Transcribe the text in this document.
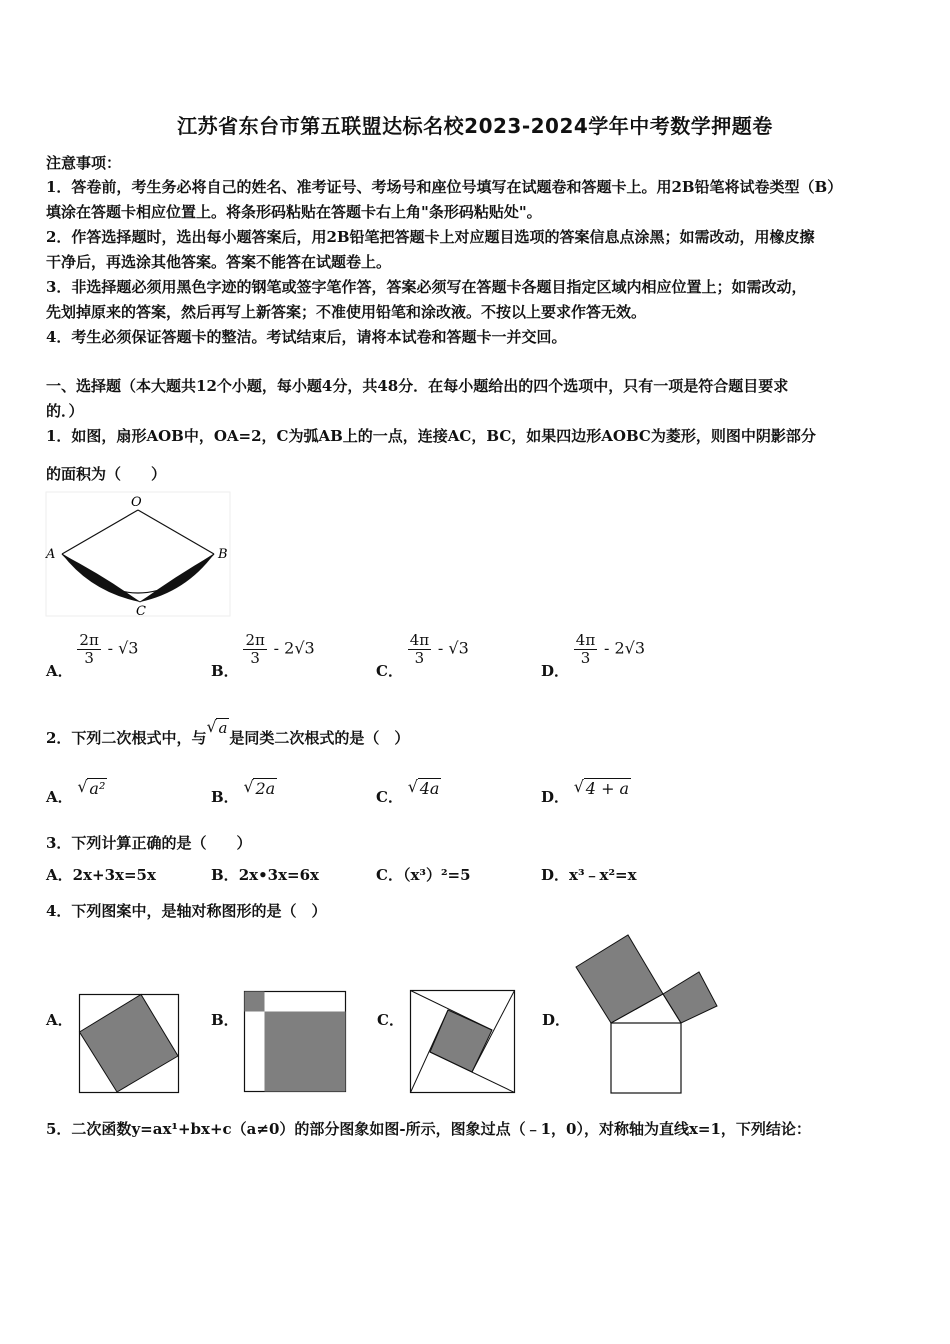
江苏省东台市第五联盟达标名校2023-2024学年中考数学押题卷
注意事项：
1．答卷前，考生务必将自己的姓名、准考证号、考场号和座位号填写在试题卷和答题卡上。用2B铅笔将试卷类型（B）
填涂在答题卡相应位置上。将条形码粘贴在答题卡右上角"条形码粘贴处"。
2．作答选择题时，选出每小题答案后，用2B铅笔把答题卡上对应题目选项的答案信息点涂黑；如需改动，用橡皮擦
干净后，再选涂其他答案。答案不能答在试题卷上。
3．非选择题必须用黑色字迹的钢笔或签字笔作答，答案必须写在答题卡各题目指定区域内相应位置上；如需改动，
先划掉原来的答案，然后再写上新答案；不准使用铅笔和涂改液。不按以上要求作答无效。
4．考生必须保证答题卡的整洁。考试结束后，请将本试卷和答题卡一并交回。
一、选择题（本大题共12个小题，每小题4分，共48分．在每小题给出的四个选项中，只有一项是符合题目要求
的．）
1．如图，扇形AOB中，OA=2，C为弧AB上的一点，连接AC，BC，如果四边形AOBC为菱形，则图中阴影部分
的面积为（　　）
O
A	B
C
A．
$\frac{2\pi}{3} - √3$
B．
$\frac{2\pi}{3} - 2√3$
C．
$\frac{4\pi}{3} - √3$
D．
$\frac{4\pi}{3} - 2√3$
2．下列二次根式中，与√ a是同类二次根式的是（　）
A． √ a²	B． √ 2a	C． √ 4a	D． √ 4 + a
3．下列计算正确的是（　　）
A．2x+3x=5x	B．2x•3x=6x	C．（x³）²=5	D．x³﹣x²=x
4．下列图案中，是轴对称图形的是（　）
A．	B．	C．	D．
5．二次函数y=ax¹+bx+c（a≠0）的部分图象如图-所示，图象过点（﹣1，0），对称轴为直线x=1，下列结论：
